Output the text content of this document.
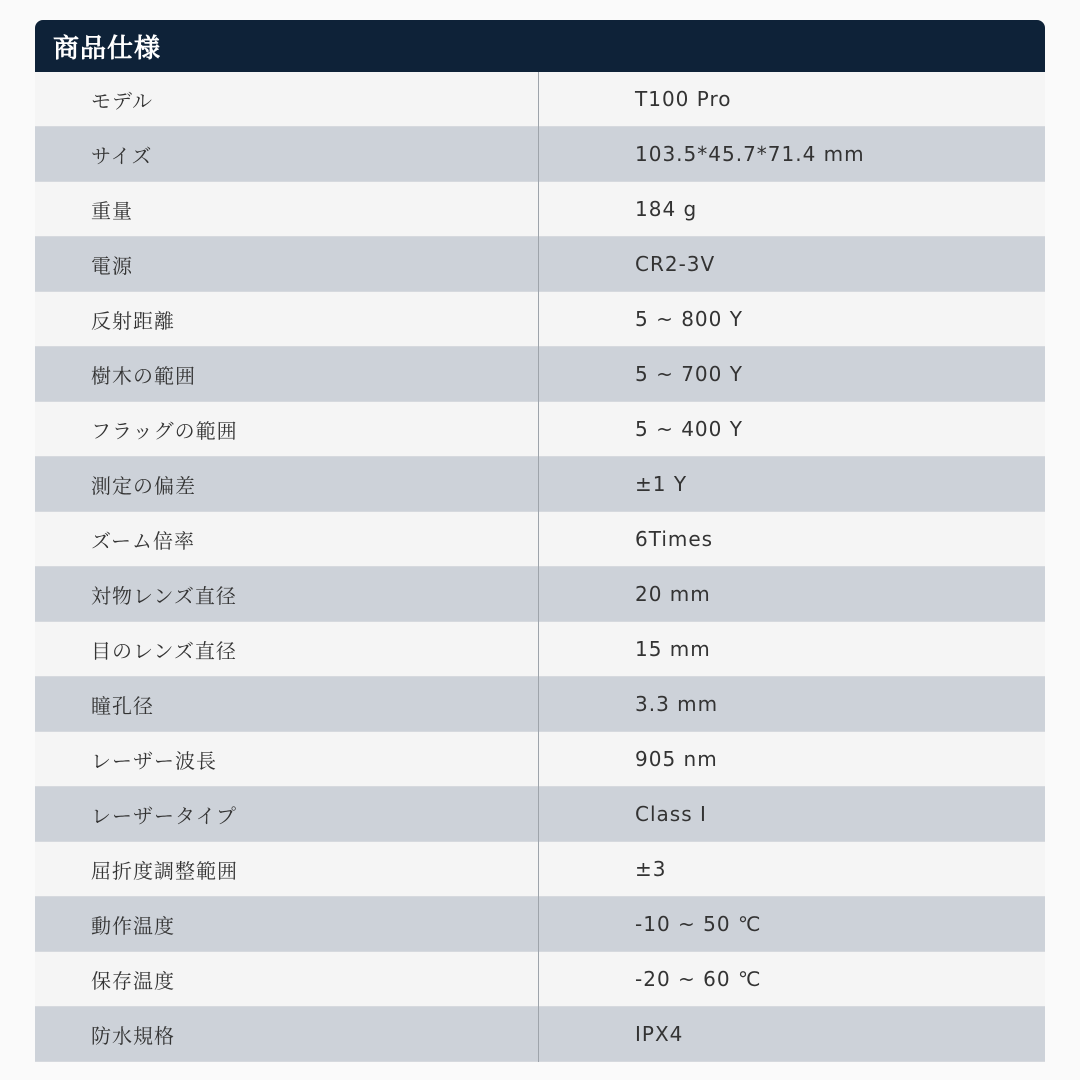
商品仕様
モデル	T100 Pro
サイズ	103.5*45.7*71.4 mm
重量	184 g
電源	CR2-3V
反射距離	5 ~ 800 Y
樹木の範囲	5 ~ 700 Y
フラッグの範囲	5 ~ 400 Y
測定の偏差	±1 Y
ズーム倍率	6Times
対物レンズ直径	20 mm
目のレンズ直径	15 mm
瞳孔径	3.3 mm
レーザー波長	905 nm
レーザータイプ	Class Ⅰ
屈折度調整範囲	±3
動作温度	-10 ~ 50 ℃
保存温度	-20 ~ 60 ℃
防水規格	IPX4
